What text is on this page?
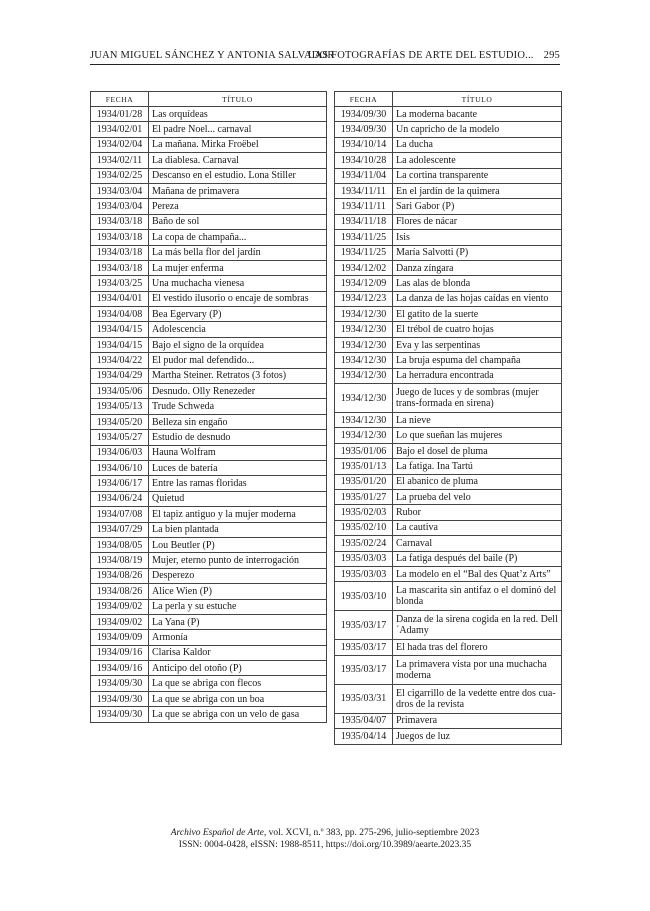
JUAN MIGUEL SÁNCHEZ Y ANTONIA SALVADOR
LAS FOTOGRAFÍAS DE ARTE DEL ESTUDIO... 295
FECHA	TÍTULO
1934/01/28	Las orquídeas
1934/02/01	El padre Noel... carnaval
1934/02/04	La mañana. Mirka Froëbel
1934/02/11	La diablesa. Carnaval
1934/02/25	Descanso en el estudio. Lona Stiller
1934/03/04	Mañana de primavera
1934/03/04	Pereza
1934/03/18	Baño de sol
1934/03/18	La copa de champaña...
1934/03/18	La más bella flor del jardín
1934/03/18	La mujer enferma
1934/03/25	Una muchacha vienesa
1934/04/01	El vestido ilusorio o encaje de sombras
1934/04/08	Bea Egervary (P)
1934/04/15	Adolescencia
1934/04/15	Bajo el signo de la orquídea
1934/04/22	El pudor mal defendido...
1934/04/29	Martha Steiner. Retratos (3 fotos)
1934/05/06	Desnudo. Olly Renezeder
1934/05/13	Trude Schweda
1934/05/20	Belleza sin engaño
1934/05/27	Estudio de desnudo
1934/06/03	Hauna Wolfram
1934/06/10	Luces de batería
1934/06/17	Entre las ramas floridas
1934/06/24	Quietud
1934/07/08	El tapiz antiguo y la mujer moderna
1934/07/29	La bien plantada
1934/08/05	Lou Beutler (P)
1934/08/19	Mujer, eterno punto de interrogación
1934/08/26	Desperezo
1934/08/26	Alice Wien (P)
1934/09/02	La perla y su estuche
1934/09/02	La Yana (P)
1934/09/09	Armonía
1934/09/16	Clarisa Kaldor
1934/09/16	Anticipo del otoño (P)
1934/09/30	La que se abriga con flecos
1934/09/30	La que se abriga con un boa
1934/09/30	La que se abriga con un velo de gasa
FECHA	TÍTULO
1934/09/30	La moderna bacante
1934/09/30	Un capricho de la modelo
1934/10/14	La ducha
1934/10/28	La adolescente
1934/11/04	La cortina transparente
1934/11/11	En el jardín de la quimera
1934/11/11	Sari Gabor (P)
1934/11/18	Flores de nácar
1934/11/25	Isis
1934/11/25	María Salvotti (P)
1934/12/02	Danza zíngara
1934/12/09	Las alas de blonda
1934/12/23	La danza de las hojas caídas en viento
1934/12/30	El gatito de la suerte
1934/12/30	El trébol de cuatro hojas
1934/12/30	Eva y las serpentinas
1934/12/30	La bruja espuma del champaña
1934/12/30	La herradura encontrada
1934/12/30	Juego de luces y de sombras (mujer trans-formada en sirena)
1934/12/30	La nieve
1934/12/30	Lo que sueñan las mujeres
1935/01/06	Bajo el dosel de pluma
1935/01/13	La fatiga. Ina Tartú
1935/01/20	El abanico de pluma
1935/01/27	La prueba del velo
1935/02/03	Rubor
1935/02/10	La cautiva
1935/02/24	Carnaval
1935/03/03	La fatiga después del baile (P)
1935/03/03	La modelo en el “Bal des Quat’z Arts”
1935/03/10	La mascarita sin antifaz o el dominó del blonda
1935/03/17	Danza de la sirena cogida en la red. Dell´Adamy
1935/03/17	El hada tras del florero
1935/03/17	La primavera vista por una muchacha moderna
1935/03/31	El cigarrillo de la vedette entre dos cua-dros de la revista
1935/04/07	Primavera
1935/04/14	Juegos de luz
Archivo Español de Arte, vol. XCVI, n.º 383, pp. 275-296, julio-septiembre 2023
ISSN: 0004-0428, eISSN: 1988-8511, https://doi.org/10.3989/aearte.2023.35
